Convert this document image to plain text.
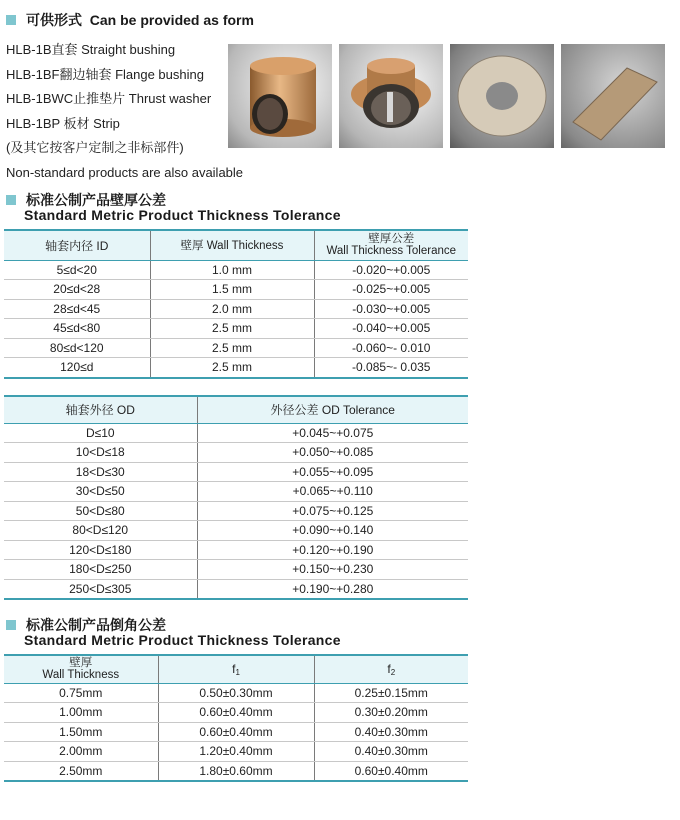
可供形式
Can be provided as form
HLB-1B直套 Straight bushing
HLB-1BF翻边轴套 Flange bushing
HLB-1BWC止推垫片 Thrust washer
HLB-1BP 板材 Strip
(及其它按客户定制之非标部件)
Non-standard products are also available
标准公制产品壁厚公差
Standard Metric Product Thickness Tolerance
轴套内径 ID	壁厚 Wall Thickness	壁厚公差
Wall Thickness Tolerance

5≤d<20	1.0 mm	-0.020~+0.005
20≤d<28	1.5 mm	-0.025~+0.005
28≤d<45	2.0 mm	-0.030~+0.005
45≤d<80	2.5 mm	-0.040~+0.005
80≤d<120	2.5 mm	-0.060~- 0.010
120≤d	2.5 mm	-0.085~- 0.035
轴套外径 OD	外径公差 OD Tolerance
D≤10	+0.045~+0.075
10<D≤18	+0.050~+0.085
18<D≤30	+0.055~+0.095
30<D≤50	+0.065~+0.110
50<D≤80	+0.075~+0.125
80<D≤120	+0.090~+0.140
120<D≤180	+0.120~+0.190
180<D≤250	+0.150~+0.230
250<D≤305	+0.190~+0.280
标准公制产品倒角公差
Standard Metric Product Thickness Tolerance
壁厚
Wall Thickness	$f_1$	$f_2$
0.75mm	0.50±0.30mm	0.25±0.15mm
1.00mm	0.60±0.40mm	0.30±0.20mm
1.50mm	0.60±0.40mm	0.40±0.30mm
2.00mm	1.20±0.40mm	0.40±0.30mm
2.50mm	1.80±0.60mm	0.60±0.40mm
